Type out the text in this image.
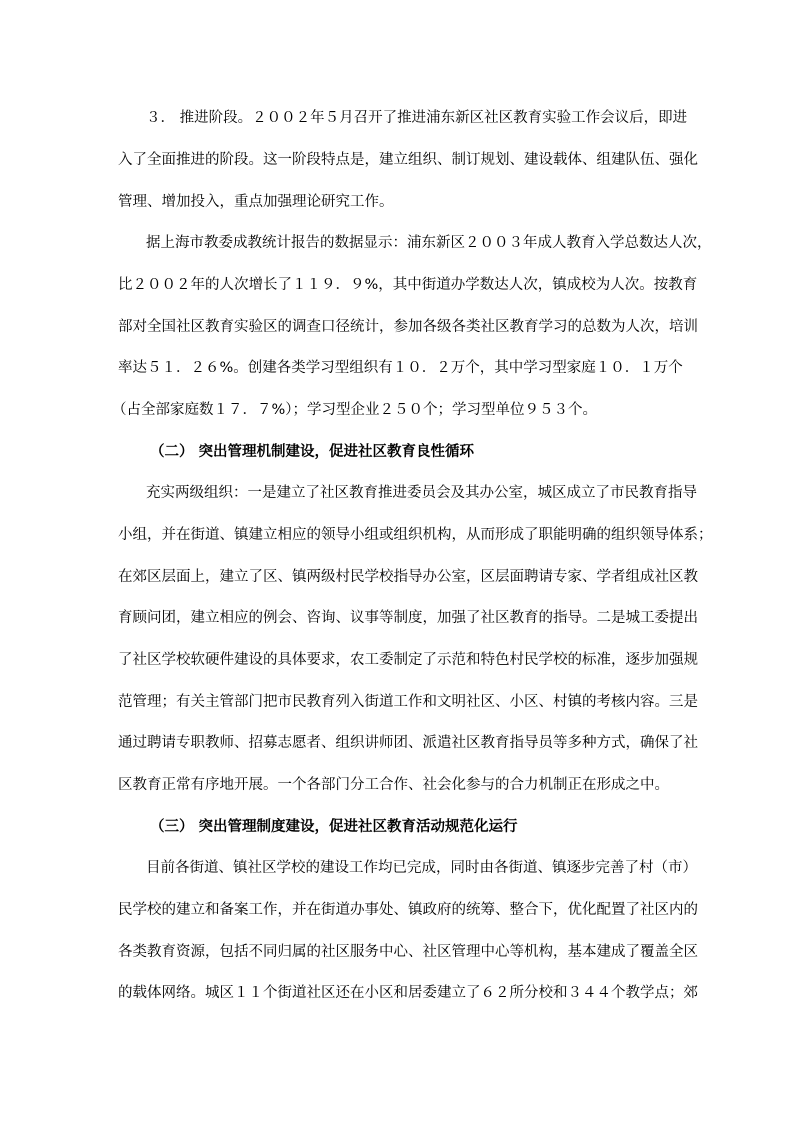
３． 推进阶段。２００２年５月召开了推进浦东新区社区教育实验工作会议后，即进
入了全面推进的阶段。这一阶段特点是，建立组织、制订规划、建设载体、组建队伍、强化
管理、增加投入，重点加强理论研究工作。
据上海市教委成教统计报告的数据显示：浦东新区２００３年成人教育入学总数达人次，
比２００２年的人次增长了１１９．９%，其中街道办学数达人次，镇成校为人次。按教育
部对全国社区教育实验区的调查口径统计，参加各级各类社区教育学习的总数为人次，培训
率达５１．２６%。创建各类学习型组织有１０．２万个，其中学习型家庭１０．１万个
（占全部家庭数１７．７%）；学习型企业２５０个；学习型单位９５３个。
（二） 突出管理机制建设，促进社区教育良性循环
充实两级组织：一是建立了社区教育推进委员会及其办公室，城区成立了市民教育指导
小组，并在街道、镇建立相应的领导小组或组织机构，从而形成了职能明确的组织领导体系；
在郊区层面上，建立了区、镇两级村民学校指导办公室，区层面聘请专家、学者组成社区教
育顾问团，建立相应的例会、咨询、议事等制度，加强了社区教育的指导。二是城工委提出
了社区学校软硬件建设的具体要求，农工委制定了示范和特色村民学校的标准，逐步加强规
范管理；有关主管部门把市民教育列入街道工作和文明社区、小区、村镇的考核内容。三是
通过聘请专职教师、招募志愿者、组织讲师团、派遣社区教育指导员等多种方式，确保了社
区教育正常有序地开展。一个各部门分工合作、社会化参与的合力机制正在形成之中。
（三） 突出管理制度建设，促进社区教育活动规范化运行
目前各街道、镇社区学校的建设工作均已完成，同时由各街道、镇逐步完善了村（市）
民学校的建立和备案工作，并在街道办事处、镇政府的统筹、整合下，优化配置了社区内的
各类教育资源，包括不同归属的社区服务中心、社区管理中心等机构，基本建成了覆盖全区
的载体网络。城区１１个街道社区还在小区和居委建立了６２所分校和３４４个教学点；郊
